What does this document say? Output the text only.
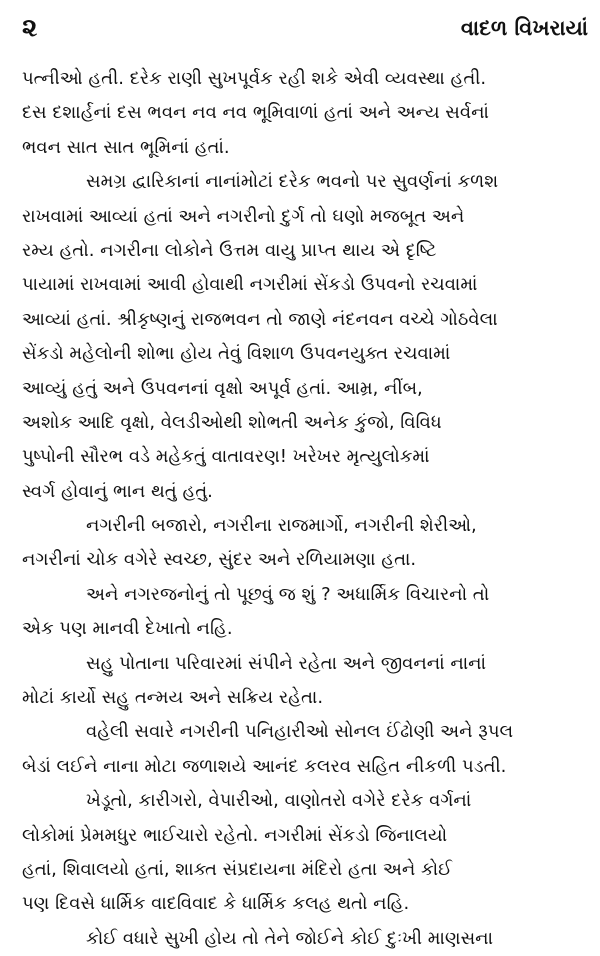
૨	વાદળ વિખરાયાં
પત્નીઓ હતી. દરેક રાણી સુખપૂર્વક રહી શકે એવી વ્યવસ્થા હતી.
દસ દશાર્હનાં દસ ભવન નવ નવ ભૂમિવાળાં હતાં અને અન્ય સર્વનાં
ભવન સાત સાત ભૂમિનાં હતાં.
સમગ્ર દ્વારિકાનાં નાનાંમોટાં દરેક ભવનો પર સુવર્ણનાં કળશ
રાખવામાં આવ્યાં હતાં અને નગરીનો દુર્ગ તો ઘણો મજબૂત અને
રમ્ય હતો. નગરીના લોકોને ઉત્તમ વાયુ પ્રાપ્ત થાય એ દૃષ્ટિ
પાયામાં રાખવામાં આવી હોવાથી નગરીમાં સેંકડો ઉપવનો રચવામાં
આવ્યાં હતાં. શ્રીકૃષ્ણનું રાજભવન તો જાણે નંદનવન વચ્ચે ગોઠવેલા
સેંકડો મહેલોની શોભા હોય તેવું વિશાળ ઉપવનયુક્ત રચવામાં
આવ્યું હતું અને ઉપવનનાં વૃક્ષો અપૂર્વ હતાં. આમ્ર, નીંબ,
અશોક આદિ વૃક્ષો, વેલડીઓથી શોભતી અનેક કુંજો, વિવિધ
પુષ્પોની સૌરભ વડે મહેકતું વાતાવરણ! ખરેખર મૃત્યુલોકમાં
સ્વર્ગ હોવાનું ભાન થતું હતું.
નગરીની બજારો, નગરીના રાજમાર્ગો, નગરીની શેરીઓ,
નગરીનાં ચોક વગેરે સ્વચ્છ, સુંદર અને રળિયામણા હતા.
અને નગરજનોનું તો પૂછવું જ શું ? અધાર્મિક વિચારનો તો
એક પણ માનવી દેખાતો નહિ.
સહુ પોતાના પરિવારમાં સંપીને રહેતા અને જીવનનાં નાનાં
મોટાં કાર્યો સહુ તન્મય અને સક્રિય રહેતા.
વહેલી સવારે નગરીની પનિહારીઓ સોનલ ઈંઢોણી અને રૂપલ
બેડાં લઈને નાના મોટા જળાશયે આનંદ કલરવ સહિત નીકળી પડતી.
ખેડૂતો, કારીગરો, વેપારીઓ, વાણોતરો વગેરે દરેક વર્ગનાં
લોકોમાં પ્રેમમધુર ભાઈચારો રહેતો. નગરીમાં સેંકડો જિનાલયો
હતાં, શિવાલયો હતાં, શાક્ત સંપ્રદાયના મંદિરો હતા અને કોઈ
પણ દિવસે ધાર્મિક વાદવિવાદ કે ધાર્મિક કલહ થતો નહિ.
કોઈ વધારે સુખી હોય તો તેને જોઈને કોઈ દુઃખી માણસના
